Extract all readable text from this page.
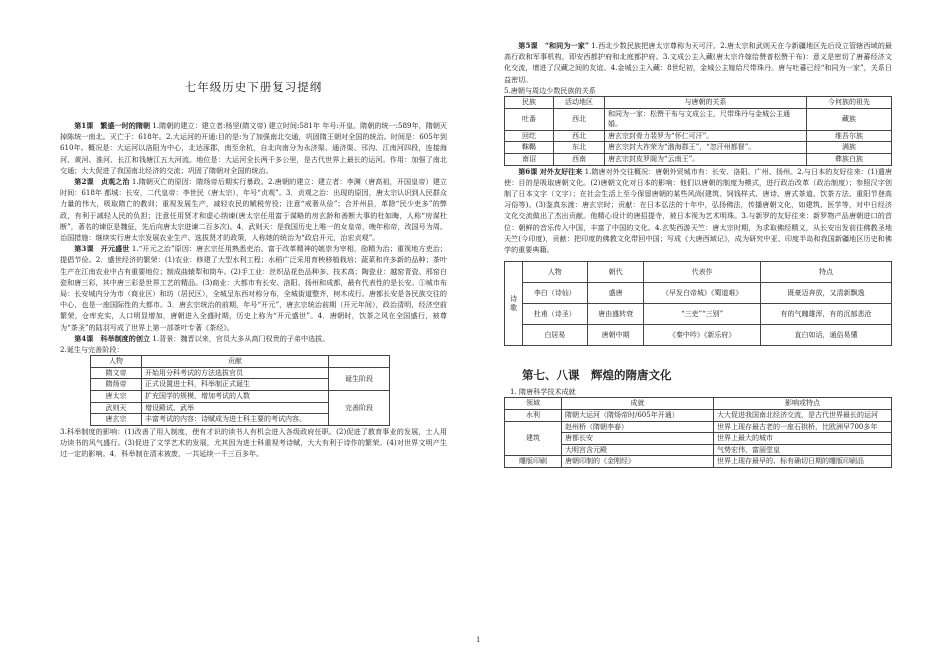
七年级历史下册复习提纲

  第1课　繁盛一时的隋朝 1.隋朝的建立：建立者:杨坚(隋文帝) 建立时间:581年 年号:开皇。隋朝的统一:589年，隋朝灭掉陈统一南北。灭亡于：618年。2.大运河的开通:目的是:为了加强南北交通，巩固隋王朝对全国的统治。时间是：605年到610年。概况是：大运河以洛阳为中心，北达涿郡，南至余杭，自北向南分为永济渠、通济渠、邗沟、江南河四段，连接海河、黄河、淮河、长江和钱塘江五大河流。地位是：大运河全长两千多公里，是古代世界上最长的运河。作用：加强了南北交通；大大促进了我国南北经济的交流；巩固了隋朝对全国的统治。

  第2课　贞观之治 1.隋朝灭亡的原因：隋炀帝后期实行暴政。2.唐朝的建立：建立者：李渊（唐高祖，开国皇帝）建立时间：618年 都城：长安，二代皇帝：李世民（唐太宗），年号“贞观”。3．贞观之治：出现的原因，唐太宗认识到人民群众力量的伟大，吸取隋亡的教训；重视发展生产，减轻农民的赋税劳役；注意“戒奢从俭”；合并州县，革除“民少吏多”的弊政，有利于减轻人民的负担；注意任用贤才和虚心纳谏(唐太宗任用富于谋略的房玄龄和善断大事的杜如晦，人称“房谋杜断”，著名的谏臣是魏征，先后向唐太宗进谏二百多次)。4．武则天：是我国历史上唯一的女皇帝，晚年称帝，改国号为周。治国措施：继续实行唐太宗发展农业生产、选拔贤才的政策，人称她的统治为“政启开元，治宏贞观”。

  第3课　开元盛世 1.“开元之治”原因：唐玄宗任用熟悉吏治、富于改革精神的姚崇为宰相，励精为治；重视地方吏治；提倡节俭。2．盛世经济的繁荣：(1)农业：修建了大型水利工程；水稻广泛采用育秧移植栽培；蔬菜和许多新的品种；茶叶生产在江南农业中占有重要地位；制成曲辕犁和筒车。(2)手工业：丝织品花色品种多、技术高；陶瓷业：越窑青瓷、邢窑白瓷和唐三彩，其中唐三彩是世界工艺的精品。(3)商业：大都市有长安、洛阳、扬州和成都，最有代表性的是长安。①城市布局：长安城内分为市（商业区）和坊（居民区），全城呈东西对称分布，全城街道整齐，树木成行。唐都长安是各民族交往的中心，也是一座国际性的大都市。3．唐玄宗统治的前期，年号“开元”，唐玄宗统治前期（开元年间），政治清明，经济空前繁荣，仓库充实，人口明显增加，唐朝进入全盛时期，历史上称为“开元盛世”。4．唐朝时，饮茶之风在全国盛行，被尊为“茶圣”的陆羽写成了世界上第一部茶叶专著《茶经》。

  第4课　科举制度的创立 1.背景：魏晋以来，官员大多从高门权贵的子弟中选拔。

2.诞生与完善阶段：

人物	贡献	
隋文帝	开始用分科考试的方法选拔官员	诞生阶段
隋炀帝	正式设置进士科，科举制正式诞生	
唐太宗	扩充国学的规模，增加考试的人数	完善阶段
武则天	增设殿试、武举	
唐玄宗	丰富考试的内容：诗赋成为进士科主要的考试内容。	

3.科举制度的影响：(1)改善了用人制度，使有才识的读书人有机会进入各级政府任职。(2)促进了教育事业的发展，士人用功读书的风气盛行。(3)促进了文学艺术的发展，尤其因为进士科重视考诗赋，大大有利于诗作的繁荣。(4)对世界文明产生过一定的影响。4．科举制在清末被废，一共延续一千三百多年。

  第5课　“和同为一家” 1.西北少数民族把唐太宗尊称为天可汗。2.唐太宗和武则天在今新疆地区先后设立管辖西域的最高行政和军事机构，即安西都护府和北庭都护府。3.文成公主入藏(唐太宗许嫁给赞普松赞干布)：意义是密切了唐蕃经济文化交流，增进了汉藏之间的友谊。4.金城公主入藏：8世纪初，金城公主嫁给尺带珠丹。唐与吐蕃已经“和同为一家”，关系日益密切。

5.唐朝与周边少数民族的关系

民族	活动地区	与唐朝的关系	今何族的祖先
吐番	西北	和同为一家：松赞干布与文成公主，尺带珠丹与金城公主通婚。	藏族
回纥	西北	唐玄宗封骨力裴罗为“怀仁可汗”。	维吾尔族
靺鞨	东北	唐玄宗封大祚荣为“渤海郡王”，“忽汗州都督”。	满族
南诏	西南	唐玄宗封皮罗阁为“云南王”。	彝族白族

  第6课 对外友好往来 1.隋唐对外交往概况：唐朝外贸城市有：长安、洛阳、广州、扬州。2.与日本的友好往来：(1)遣唐使：目的是吸取唐朝文化。(2)唐朝文化对日本的影响：他们以唐朝的制度为模式，进行政治改革（政治制度）；参照汉字创制了日本文字（文字）；在社会生活上至今保留唐朝的某些风尚(建筑、饲钱样式、唐诗、唐式茶道、饮茶方法、重阳节登高习俗等)。(3)鉴真东渡：唐玄宗时；贡献：在日本弘法的十年中，弘扬佛法，传播唐朝文化，如建筑、医学等，对中日经济文化交流做出了杰出贡献。他精心设计的唐招提寺，被日本视为艺术明珠。3.与新罗的友好往来：新罗物产品唐朝进口的首位：朝鲜的音乐传入中国，丰富了中国的文化。4.玄奘西游天竺：唐太宗时期，为求取佛经精义，从长安出发前往佛教圣地天竺(今印度)，贡献：把印度的佛教文化带回中国；写成《大唐西域记》，成为研究中亚、印度半岛和我国新疆地区历史和佛学的重要典籍。

诗歌	人物	朝代	代表作	特点
	李白（诗仙）	盛唐	《早发白帝城》《蜀道难》	既豪迈奔放，又清新飘逸
	杜甫（诗圣）	唐由盛转衰	“三吏”“三别”	有的气魄雄浑，有的沉郁悲沧
	白居易	唐朝中期	《秦中吟》《新乐府》	直白如话，通俗易懂

第七、八课　辉煌的隋唐文化

1. 隋唐科学技术成就

领域	成就	影响或特点
水利	隋朝大运河（隋炀帝时/605年开通）	大大促进我国南北经济交流，是古代世界最长的运河
建筑	赵州桥（隋朝李春）	世界上现存最古老的一座石拱桥，比欧洲早700多年
	唐都长安	世界上最大的城市
	大明宫含元殿	气势宏伟，富丽堂皇
雕版印刷	唐朝印制的《金刚经》	世界上现存最早的、标有确切日期的雕版印刷品
1
